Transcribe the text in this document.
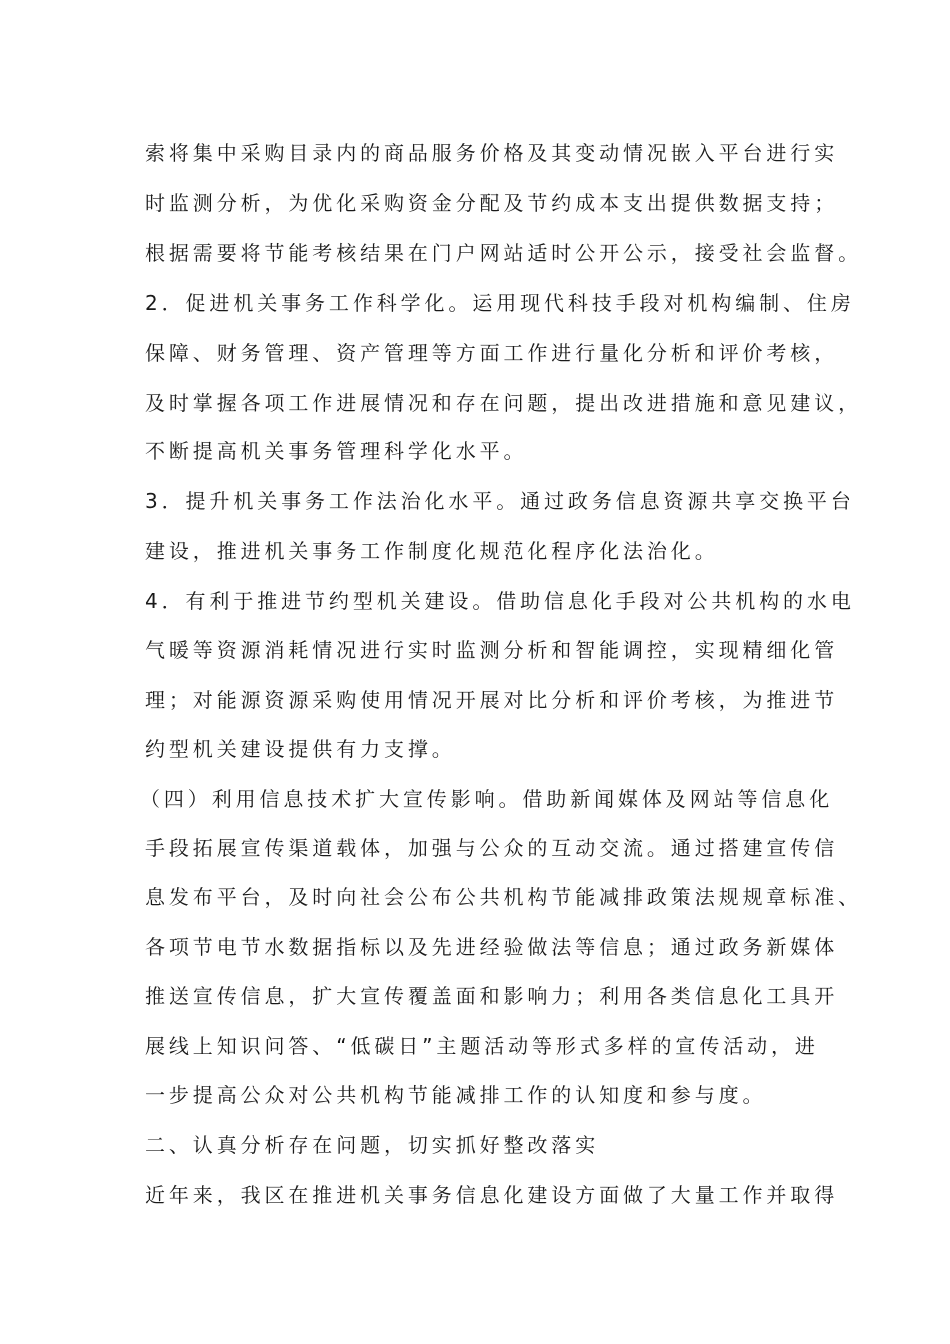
索将集中采购目录内的商品服务价格及其变动情况嵌入平台进行实
时监测分析，为优化采购资金分配及节约成本支出提供数据支持；
根据需要将节能考核结果在门户网站适时公开公示，接受社会监督。
2．促进机关事务工作科学化。运用现代科技手段对机构编制、住房
保障、财务管理、资产管理等方面工作进行量化分析和评价考核，
及时掌握各项工作进展情况和存在问题，提出改进措施和意见建议，
不断提高机关事务管理科学化水平。
3．提升机关事务工作法治化水平。通过政务信息资源共享交换平台
建设，推进机关事务工作制度化规范化程序化法治化。
4．有利于推进节约型机关建设。借助信息化手段对公共机构的水电
气暖等资源消耗情况进行实时监测分析和智能调控，实现精细化管
理；对能源资源采购使用情况开展对比分析和评价考核，为推进节
约型机关建设提供有力支撑。
（四）利用信息技术扩大宣传影响。借助新闻媒体及网站等信息化
手段拓展宣传渠道载体，加强与公众的互动交流。通过搭建宣传信
息发布平台，及时向社会公布公共机构节能减排政策法规规章标准、
各项节电节水数据指标以及先进经验做法等信息；通过政务新媒体
推送宣传信息，扩大宣传覆盖面和影响力；利用各类信息化工具开
展线上知识问答、“低碳日”主题活动等形式多样的宣传活动，进
一步提高公众对公共机构节能减排工作的认知度和参与度。
二、认真分析存在问题，切实抓好整改落实
近年来，我区在推进机关事务信息化建设方面做了大量工作并取得
